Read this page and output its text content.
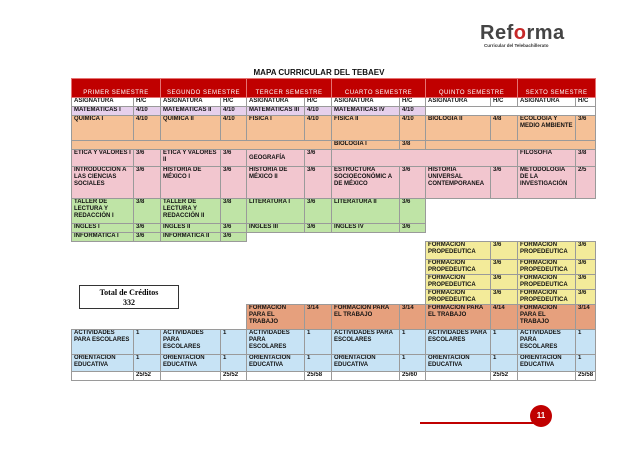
Reforma
Curricular del Telebachillerato
MAPA CURRICULAR DEL TEBAEV
PRIMER SEMESTRE		SEGUNDO SEMESTRE		TERCER SEMESTRE		CUARTO SEMESTRE		QUINTO SEMESTRE		SEXTO SEMESTRE	
ASIGNATURA	H/C	ASIGNATURA	H/C	ASIGNATURA	H/C	ASIGNATURA	H/C	ASIGNATURA	H/C	ASIGNATURA	H/C
MATEMATICAS I	4/10	MATEMATICAS II	4/10	MATEMATICAS III	4/10	MATEMATICAS IV	4/10				
QUIMICA I	4/10	QUIMICA II	4/10	FISICA I	4/10	FISICA II	4/10	BIOLOGIA II	4/8	ECOLOGÍA Y MEDIO AMBIENTE	3/6
						BIOLOGÍA I	3/8				
ETICA Y VALORES I	3/6	ETICA Y VALORES II	3/6	GEOGRAFÍA	3/6					FILOSOFIA	3/8
INTRODUCCIÓN A LAS CIENCIAS SOCIALES	3/6	HISTORIA DE MÉXICO I	3/6	HISTORIA DE MÉXICO II	3/6	ESTRUCTURA SOCIOECONÓMIC A DE MÉXICO	3/6	HISTORIA UNIVERSAL CONTEMPORANEA	3/6	METODOLOGÍA DE LA INVESTIGACIÓN	2/5
TALLER DE LECTURA Y REDACCIÓN I	3/8	TALLER DE LECTURA Y REDACCIÓN II	3/8	LITERATURA I	3/6	LITERATURA II	3/6				
INGLES I	3/6	INGLES II	3/6	INGLES III	3/6	INGLES IV	3/6				
INFORMATICA I	3/6	INFORMATICA II	3/6								
								FORMACIÓN PROPEDEUTICA	3/6	FORMACIÓN PROPEDEUTICA	3/6
								FORMACIÓN PROPEDEUTICA	3/6	FORMACIÓN PROPEDEUTICA	3/6
								FORMACIÓN PROPEDEUTICA	3/6	FORMACIÓN PROPEDEUTICA	3/6
								FORMACIÓN PROPEDEUTICA	3/6	FORMACIÓN PROPEDEUTICA	3/6
				FORMACIÓN PARA EL TRABAJO	3/14	FORMACIÓN PARA EL TRABAJO	3/14	FORMACIÓN PARA EL TRABAJO	4/14	FORMACIÓN PARA EL TRABAJO	3/14
ACTIVIDADES PARA ESCOLARES	1	ACTIVIDADES PARA ESCOLARES	1	ACTIVIDADES PARA ESCOLARES	1	ACTIVIDADES PARA ESCOLARES	1	ACTIVIDADES PARA ESCOLARES	1	ACTIVIDADES PARA ESCOLARES	1
ORIENTACIÓN EDUCATIVA	1	ORIENTACION EDUCATIVA	1	ORIENTACIÓN EDUCATIVA	1	ORIENTACIÓN EDUCATIVA	1	ORIENTACIÓN EDUCATIVA	1	ORIENTACIÓN EDUCATIVA	1
	25/52		25/52		25/58		25/60		25/52		25/58
Total de Créditos
332
11
